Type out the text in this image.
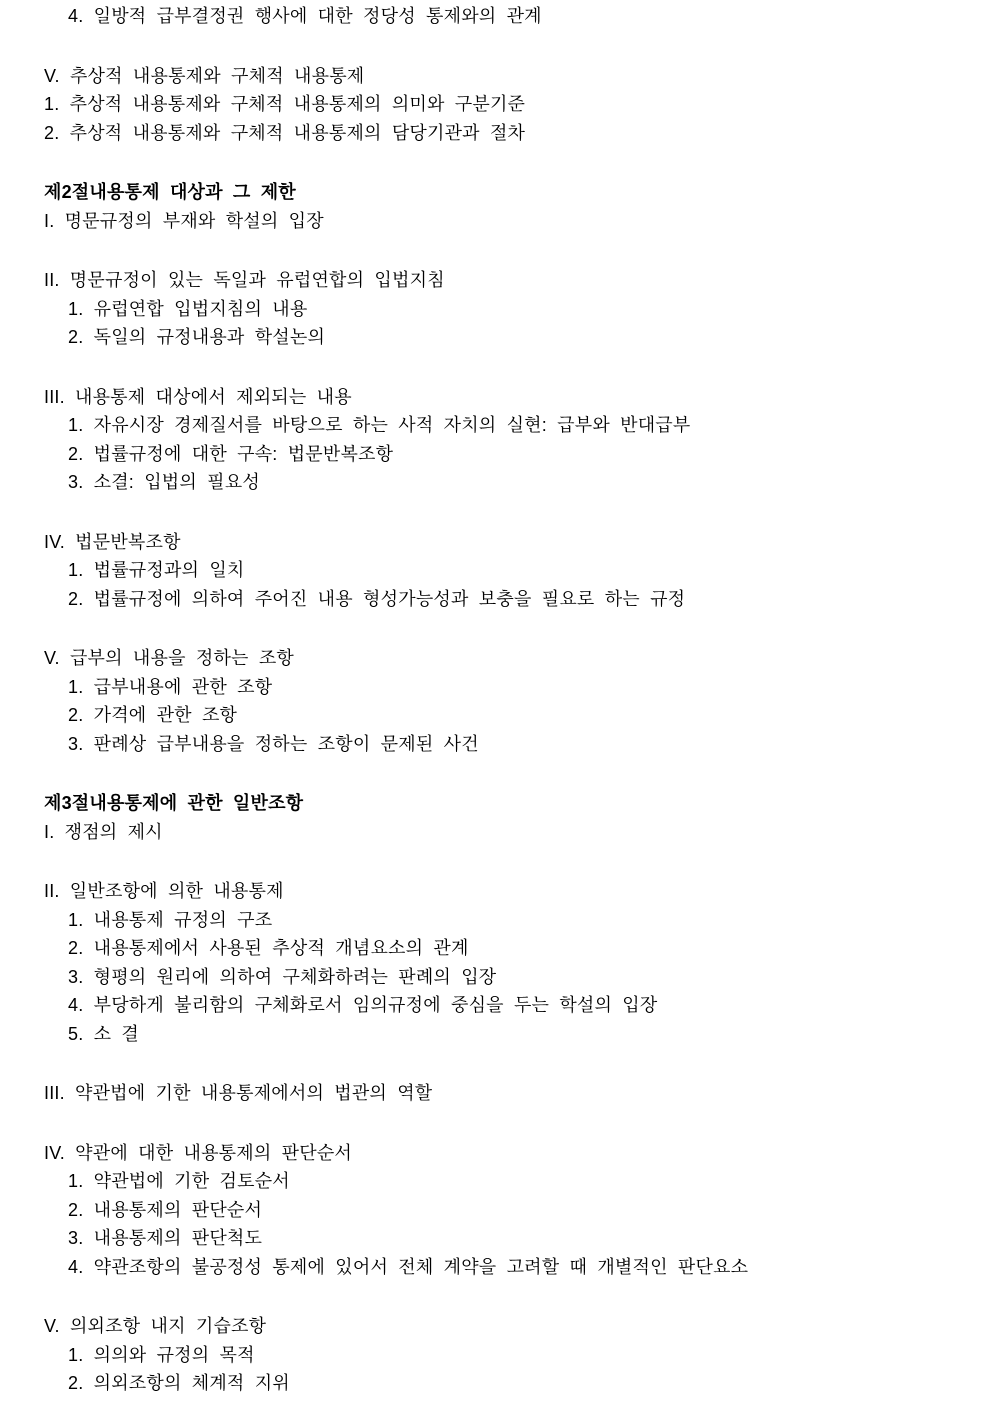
4. 일방적 급부결정권 행사에 대한 정당성 통제와의 관계
V. 추상적 내용통제와 구체적 내용통제
1. 추상적 내용통제와 구체적 내용통제의 의미와 구분기준
2. 추상적 내용통제와 구체적 내용통제의 담당기관과 절차
제2절내용통제 대상과 그 제한
I. 명문규정의 부재와 학설의 입장
II. 명문규정이 있는 독일과 유럽연합의 입법지침
1. 유럽연합 입법지침의 내용
2. 독일의 규정내용과 학설논의
III. 내용통제 대상에서 제외되는 내용
1. 자유시장 경제질서를 바탕으로 하는 사적 자치의 실현: 급부와 반대급부
2. 법률규정에 대한 구속: 법문반복조항
3. 소결: 입법의 필요성
IV. 법문반복조항
1. 법률규정과의 일치
2. 법률규정에 의하여 주어진 내용 형성가능성과 보충을 필요로 하는 규정
V. 급부의 내용을 정하는 조항
1. 급부내용에 관한 조항
2. 가격에 관한 조항
3. 판례상 급부내용을 정하는 조항이 문제된 사건
제3절내용통제에 관한 일반조항
I. 쟁점의 제시
II. 일반조항에 의한 내용통제
1. 내용통제 규정의 구조
2. 내용통제에서 사용된 추상적 개념요소의 관계
3. 형평의 원리에 의하여 구체화하려는 판례의 입장
4. 부당하게 불리함의 구체화로서 임의규정에 중심을 두는 학설의 입장
5. 소 결
III. 약관법에 기한 내용통제에서의 법관의 역할
IV. 약관에 대한 내용통제의 판단순서
1. 약관법에 기한 검토순서
2. 내용통제의 판단순서
3. 내용통제의 판단척도
4. 약관조항의 불공정성 통제에 있어서 전체 계약을 고려할 때 개별적인 판단요소
V. 의외조항 내지 기습조항
1. 의의와 규정의 목적
2. 의외조항의 체계적 지위
